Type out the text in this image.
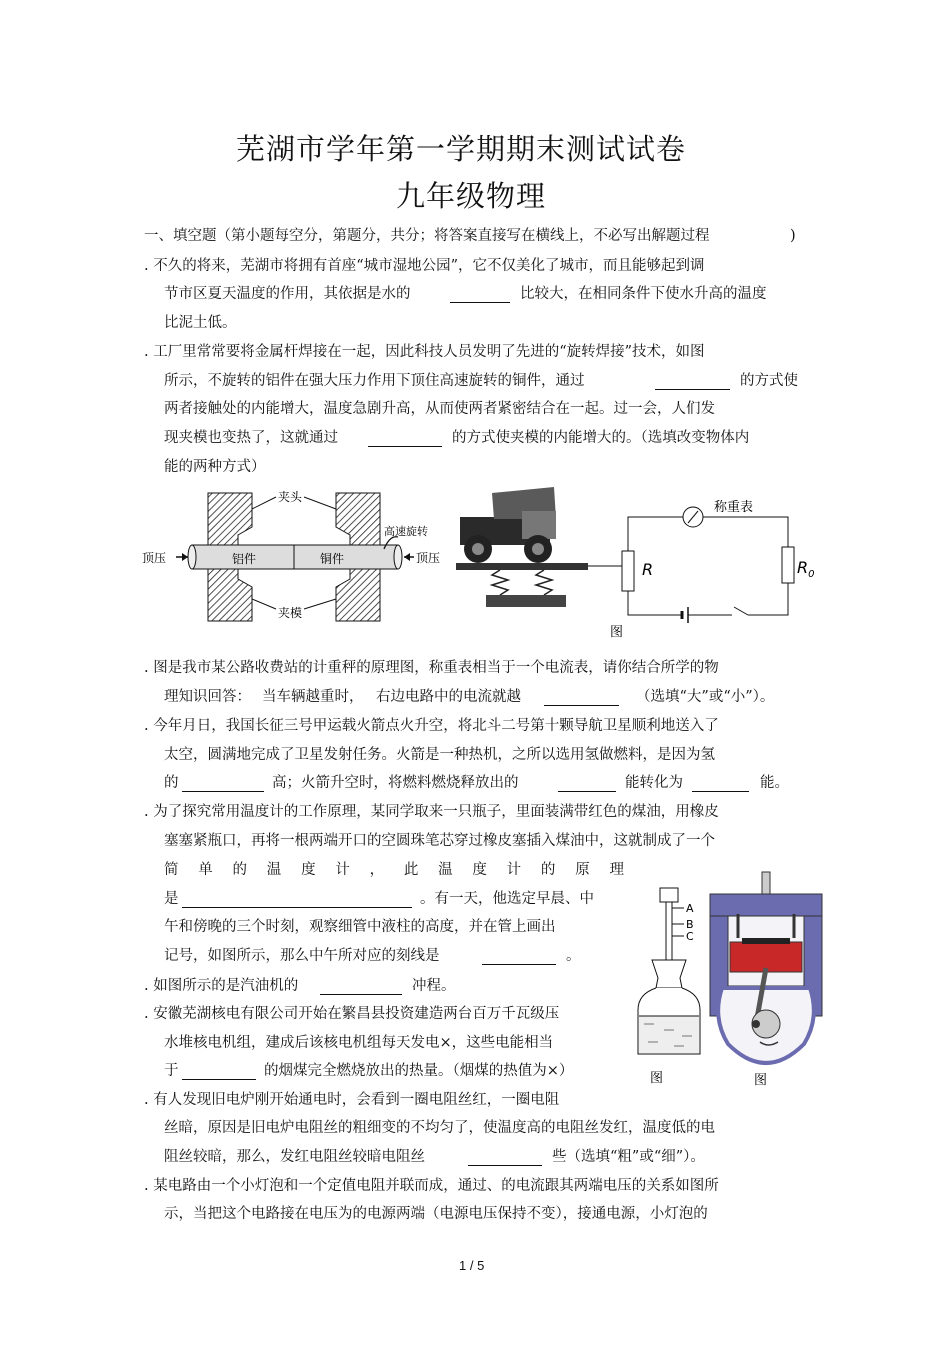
芜湖市学年第一学期期末测试试卷
九年级物理
一、填空题（第小题每空分，第题分，共分；将答案直接写在横线上，不必写出解题过程	)
. 不久的将来，芜湖市将拥有首座“城市湿地公园”，它不仅美化了城市，而且能够起到调
节市区夏天温度的作用，其依据是水的	比较大，在相同条件下使水升高的温度
比泥土低。
. 工厂里常常要将金属杆焊接在一起，因此科技人员发明了先进的“旋转焊接”技术，如图
所示，不旋转的铝件在强大压力作用下顶住高速旋转的铜件，通过	的方式使
两者接触处的内能增大，温度急剧升高，从而使两者紧密结合在一起。过一会，人们发
现夹模也变热了，这就通过	的方式使夹模的内能增大的。（选填改变物体内
能的两种方式）
铝件	铜件
顶压	顶压
高速旋转
夹头
夹模
R
称重表
$R_0$
图
. 图是我市某公路收费站的计重秤的原理图，称重表相当于一个电流表，请你结合所学的物
理知识回答： 当车辆越重时， 右边电路中的电流就越	（选填“大”或“小”）。
. 今年月日，我国长征三号甲运载火箭点火升空，将北斗二号第十颗导航卫星顺利地送入了
太空，圆满地完成了卫星发射任务。火箭是一种热机，之所以选用氢做燃料，是因为氢
的	高；火箭升空时，将燃料燃烧释放出的	能转化为	能。
. 为了探究常用温度计的工作原理，某同学取来一只瓶子，里面装满带红色的煤油，用橡皮
塞塞紧瓶口，再将一根两端开口的空圆珠笔芯穿过橡皮塞插入煤油中，这就制成了一个
简 单 的 温 度 计 ， 此 温 度 计 的 原 理
是	。有一天，他选定早晨、中
午和傍晚的三个时刻，观察细管中液柱的高度，并在管上画出
记号，如图所示，那么中午所对应的刻线是	。
. 如图所示的是汽油机的	冲程。
. 安徽芜湖核电有限公司开始在繁昌县投资建造两台百万千瓦级压
水堆核电机组，建成后该核电机组每天发电×，这些电能相当
于	的烟煤完全燃烧放出的热量。（烟煤的热值为×）
A
B
C
图	图
. 有人发现旧电炉刚开始通电时，会看到一圈电阻丝红，一圈电阻
丝暗，原因是旧电炉电阻丝的粗细变的不均匀了，使温度高的电阻丝发红，温度低的电
阻丝较暗，那么，发红电阻丝较暗电阻丝	些（选填“粗”或“细”）。
. 某电路由一个小灯泡和一个定值电阻并联而成，通过、的电流跟其两端电压的关系如图所
示，当把这个电路接在电压为的电源两端（电源电压保持不变），接通电源，小灯泡的
1 / 5
